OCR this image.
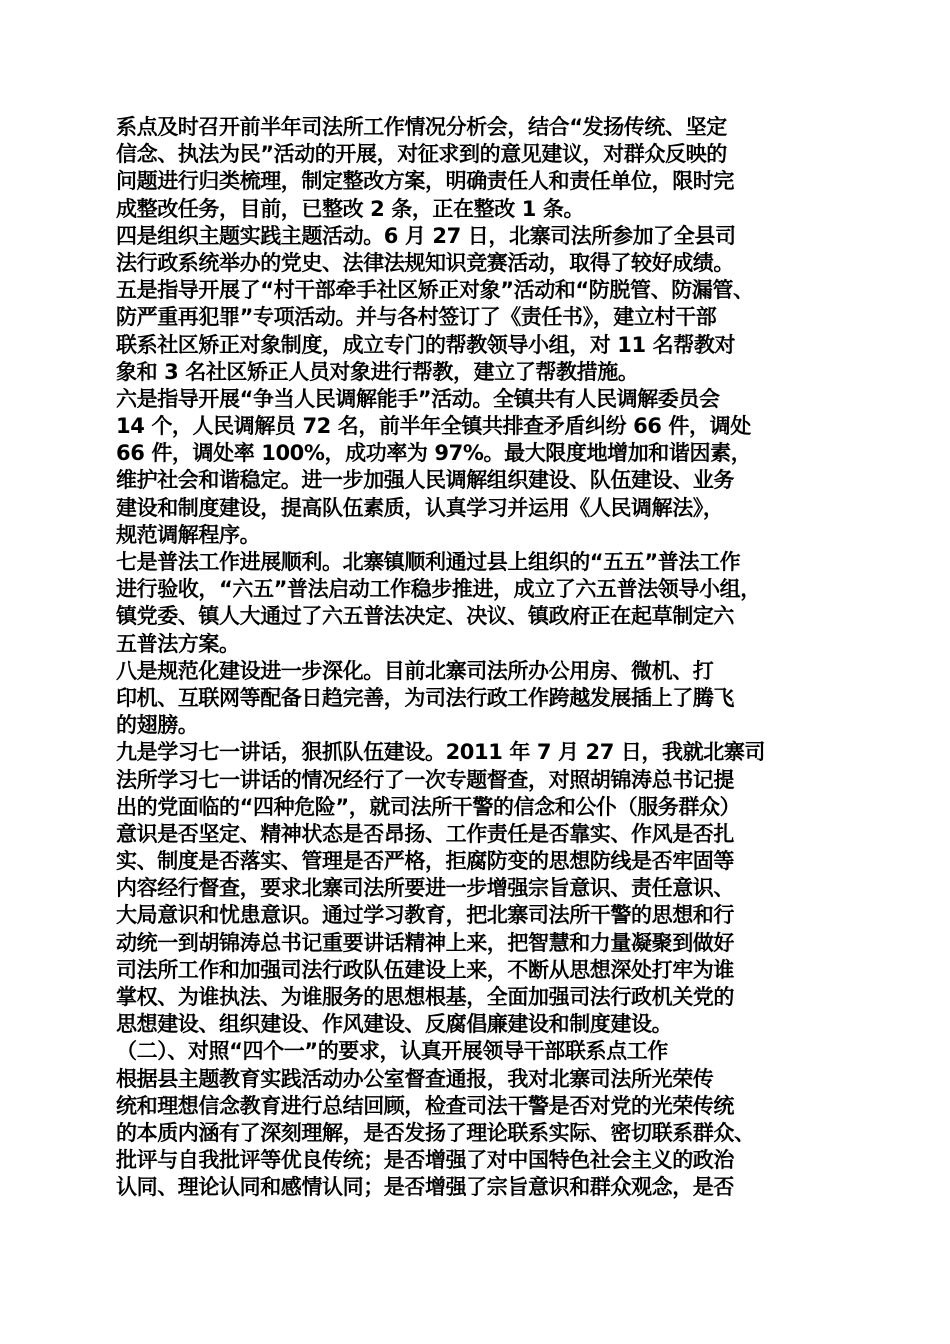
系点及时召开前半年司法所工作情况分析会，结合“发扬传统、坚定
信念、执法为民”活动的开展，对征求到的意见建议，对群众反映的
问题进行归类梳理，制定整改方案，明确责任人和责任单位，限时完
成整改任务，目前，已整改 2 条，正在整改 1 条。
四是组织主题实践主题活动。6 月 27 日，北寨司法所参加了全县司
法行政系统举办的党史、法律法规知识竞赛活动，取得了较好成绩。
五是指导开展了“村干部牵手社区矫正对象”活动和“防脱管、防漏管、
防严重再犯罪”专项活动。并与各村签订了《责任书》，建立村干部
联系社区矫正对象制度，成立专门的帮教领导小组，对 11 名帮教对
象和 3 名社区矫正人员对象进行帮教，建立了帮教措施。
六是指导开展“争当人民调解能手”活动。全镇共有人民调解委员会
14 个，人民调解员 72 名，前半年全镇共排查矛盾纠纷 66 件，调处
66 件，调处率 100%，成功率为 97%。最大限度地增加和谐因素，
维护社会和谐稳定。进一步加强人民调解组织建设、队伍建设、业务
建设和制度建设，提高队伍素质，认真学习并运用《人民调解法》，
规范调解程序。
七是普法工作进展顺利。北寨镇顺利通过县上组织的“五五”普法工作
进行验收，“六五”普法启动工作稳步推进，成立了六五普法领导小组，
镇党委、镇人大通过了六五普法决定、决议、镇政府正在起草制定六
五普法方案。
八是规范化建设进一步深化。目前北寨司法所办公用房、微机、打
印机、互联网等配备日趋完善，为司法行政工作跨越发展插上了腾飞
的翅膀。
九是学习七一讲话，狠抓队伍建设。2011 年 7 月 27 日，我就北寨司
法所学习七一讲话的情况经行了一次专题督查，对照胡锦涛总书记提
出的党面临的“四种危险”，就司法所干警的信念和公仆（服务群众）
意识是否坚定、精神状态是否昂扬、工作责任是否靠实、作风是否扎
实、制度是否落实、管理是否严格，拒腐防变的思想防线是否牢固等
内容经行督查，要求北寨司法所要进一步增强宗旨意识、责任意识、
大局意识和忧患意识。通过学习教育，把北寨司法所干警的思想和行
动统一到胡锦涛总书记重要讲话精神上来，把智慧和力量凝聚到做好
司法所工作和加强司法行政队伍建设上来，不断从思想深处打牢为谁
掌权、为谁执法、为谁服务的思想根基，全面加强司法行政机关党的
思想建设、组织建设、作风建设、反腐倡廉建设和制度建设。
（二）、对照“四个一”的要求，认真开展领导干部联系点工作
根据县主题教育实践活动办公室督查通报，我对北寨司法所光荣传
统和理想信念教育进行总结回顾，检查司法干警是否对党的光荣传统
的本质内涵有了深刻理解，是否发扬了理论联系实际、密切联系群众、
批评与自我批评等优良传统；是否增强了对中国特色社会主义的政治
认同、理论认同和感情认同；是否增强了宗旨意识和群众观念，是否
